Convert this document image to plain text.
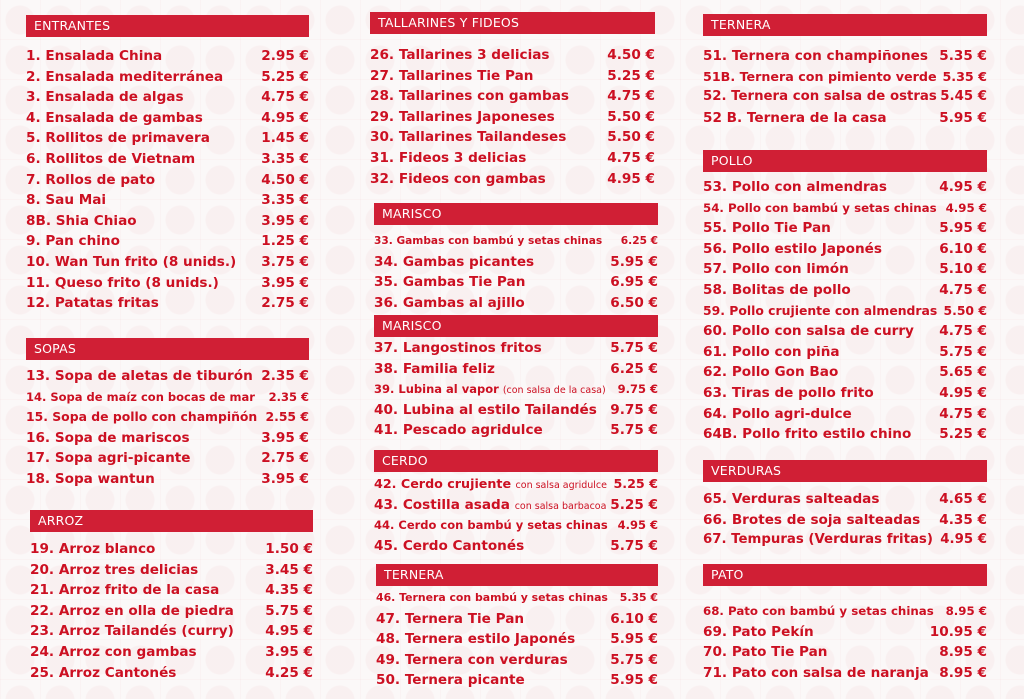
ENTRANTES
1. Ensalada China	2.95 €
2. Ensalada mediterránea	5.25 €
3. Ensalada de algas	4.75 €
4. Ensalada de gambas	4.95 €
5. Rollitos de primavera	1.45 €
6. Rollitos de Vietnam	3.35 €
7. Rollos de pato	4.50 €
8. Sau Mai	3.35 €
8B. Shia Chiao	3.95 €
9. Pan chino	1.25 €
10. Wan Tun frito (8 unids.) 3.75 €
11. Queso frito (8 unids.)	3.95 €
12. Patatas fritas	2.75 €
SOPAS
13. Sopa de aletas de tiburón 2.35 €
14. Sopa de maíz con bocas de mar 2.35 €
15. Sopa de pollo con champiñón 2.55 €
16. Sopa de mariscos	3.95 €
17. Sopa agri-picante	2.75 €
18. Sopa wantun	3.95 €
ARROZ
19. Arroz blanco	1.50 €
20. Arroz tres delicias	3.45 €
21. Arroz frito de la casa	4.35 €
22. Arroz en olla de piedra 5.75 €
23. Arroz Tailandés (curry) 4.95 €
24. Arroz con gambas	3.95 €
25. Arroz Cantonés	4.25 €
TALLARINES Y FIDEOS
26. Tallarines 3 delicias	4.50 €
27. Tallarines Tie Pan	5.25 €
28. Tallarines con gambas	4.75 €
29. Tallarines Japoneses	5.50 €
30. Tallarines Tailandeses	5.50 €
31. Fideos 3 delicias	4.75 €
32. Fideos con gambas	4.95 €
MARISCO
33. Gambas con bambú y setas chinas 6.25 €
34. Gambas picantes	5.95 €
35. Gambas Tie Pan	6.95 €
36. Gambas al ajillo	6.50 €
MARISCO
37. Langostinos fritos	5.75 €
38. Familia feliz	6.25 €
39. Lubina al vapor (con salsa de la casa) 9.75 €
40. Lubina al estilo Tailandés 9.75 €
41. Pescado agridulce	5.75 €
CERDO
42. Cerdo crujiente con salsa agridulce 5.25 €
43. Costilla asada con salsa barbacoa 5.25 €
44. Cerdo con bambú y setas chinas 4.95 €
45. Cerdo Cantonés	5.75 €
TERNERA
46. Ternera con bambú y setas chinas 5.35 €
47. Ternera Tie Pan	6.10 €
48. Ternera estilo Japonés	5.95 €
49. Ternera con verduras	5.75 €
50. Ternera picante	5.95 €
TERNERA
51. Ternera con champiñones 5.35 €
51B. Ternera con pimiento verde 5.35 €
52. Ternera con salsa de ostras 5.45 €
52 B. Ternera de la casa	5.95 €
POLLO
53. Pollo con almendras	4.95 €
54. Pollo con bambú y setas chinas 4.95 €
55. Pollo Tie Pan	5.95 €
56. Pollo estilo Japonés	6.10 €
57. Pollo con limón	5.10 €
58. Bolitas de pollo	4.75 €
59. Pollo crujiente con almendras 5.50 €
60. Pollo con salsa de curry 4.75 €
61. Pollo con piña	5.75 €
62. Pollo Gon Bao	5.65 €
63. Tiras de pollo frito	4.95 €
64. Pollo agri-dulce	4.75 €
64B. Pollo frito estilo chino 5.25 €
VERDURAS
65. Verduras salteadas	4.65 €
66. Brotes de soja salteadas 4.35 €
67. Tempuras (Verduras fritas) 4.95 €
PATO
68. Pato con bambú y setas chinas 8.95 €
69. Pato Pekín	10.95 €
70. Pato Tie Pan	8.95 €
71. Pato con salsa de naranja 8.95 €
